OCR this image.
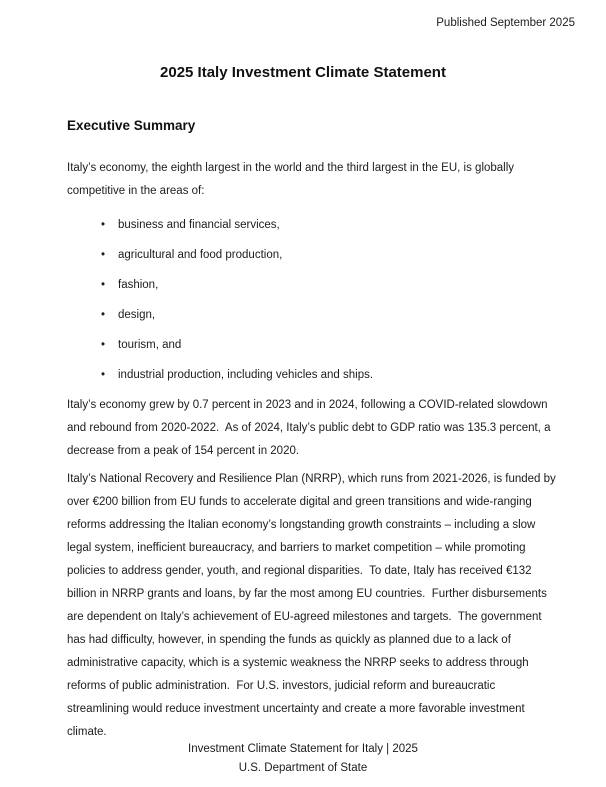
Published September 2025
2025 Italy Investment Climate Statement
Executive Summary
Italy’s economy, the eighth largest in the world and the third largest in the EU, is globally
competitive in the areas of:
• business and financial services,
• agricultural and food production,
• fashion,
• design,
• tourism, and
• industrial production, including vehicles and ships.
Italy’s economy grew by 0.7 percent in 2023 and in 2024, following a COVID-related slowdown
and rebound from 2020-2022.  As of 2024, Italy’s public debt to GDP ratio was 135.3 percent, a
decrease from a peak of 154 percent in 2020.
Italy’s National Recovery and Resilience Plan (NRRP), which runs from 2021-2026, is funded by
over €200 billion from EU funds to accelerate digital and green transitions and wide-ranging
reforms addressing the Italian economy’s longstanding growth constraints – including a slow
legal system, inefficient bureaucracy, and barriers to market competition – while promoting
policies to address gender, youth, and regional disparities.  To date, Italy has received €132
billion in NRRP grants and loans, by far the most among EU countries.  Further disbursements
are dependent on Italy’s achievement of EU-agreed milestones and targets.  The government
has had difficulty, however, in spending the funds as quickly as planned due to a lack of
administrative capacity, which is a systemic weakness the NRRP seeks to address through
reforms of public administration.  For U.S. investors, judicial reform and bureaucratic
streamlining would reduce investment uncertainty and create a more favorable investment
climate.
Investment Climate Statement for Italy | 2025
U.S. Department of State
